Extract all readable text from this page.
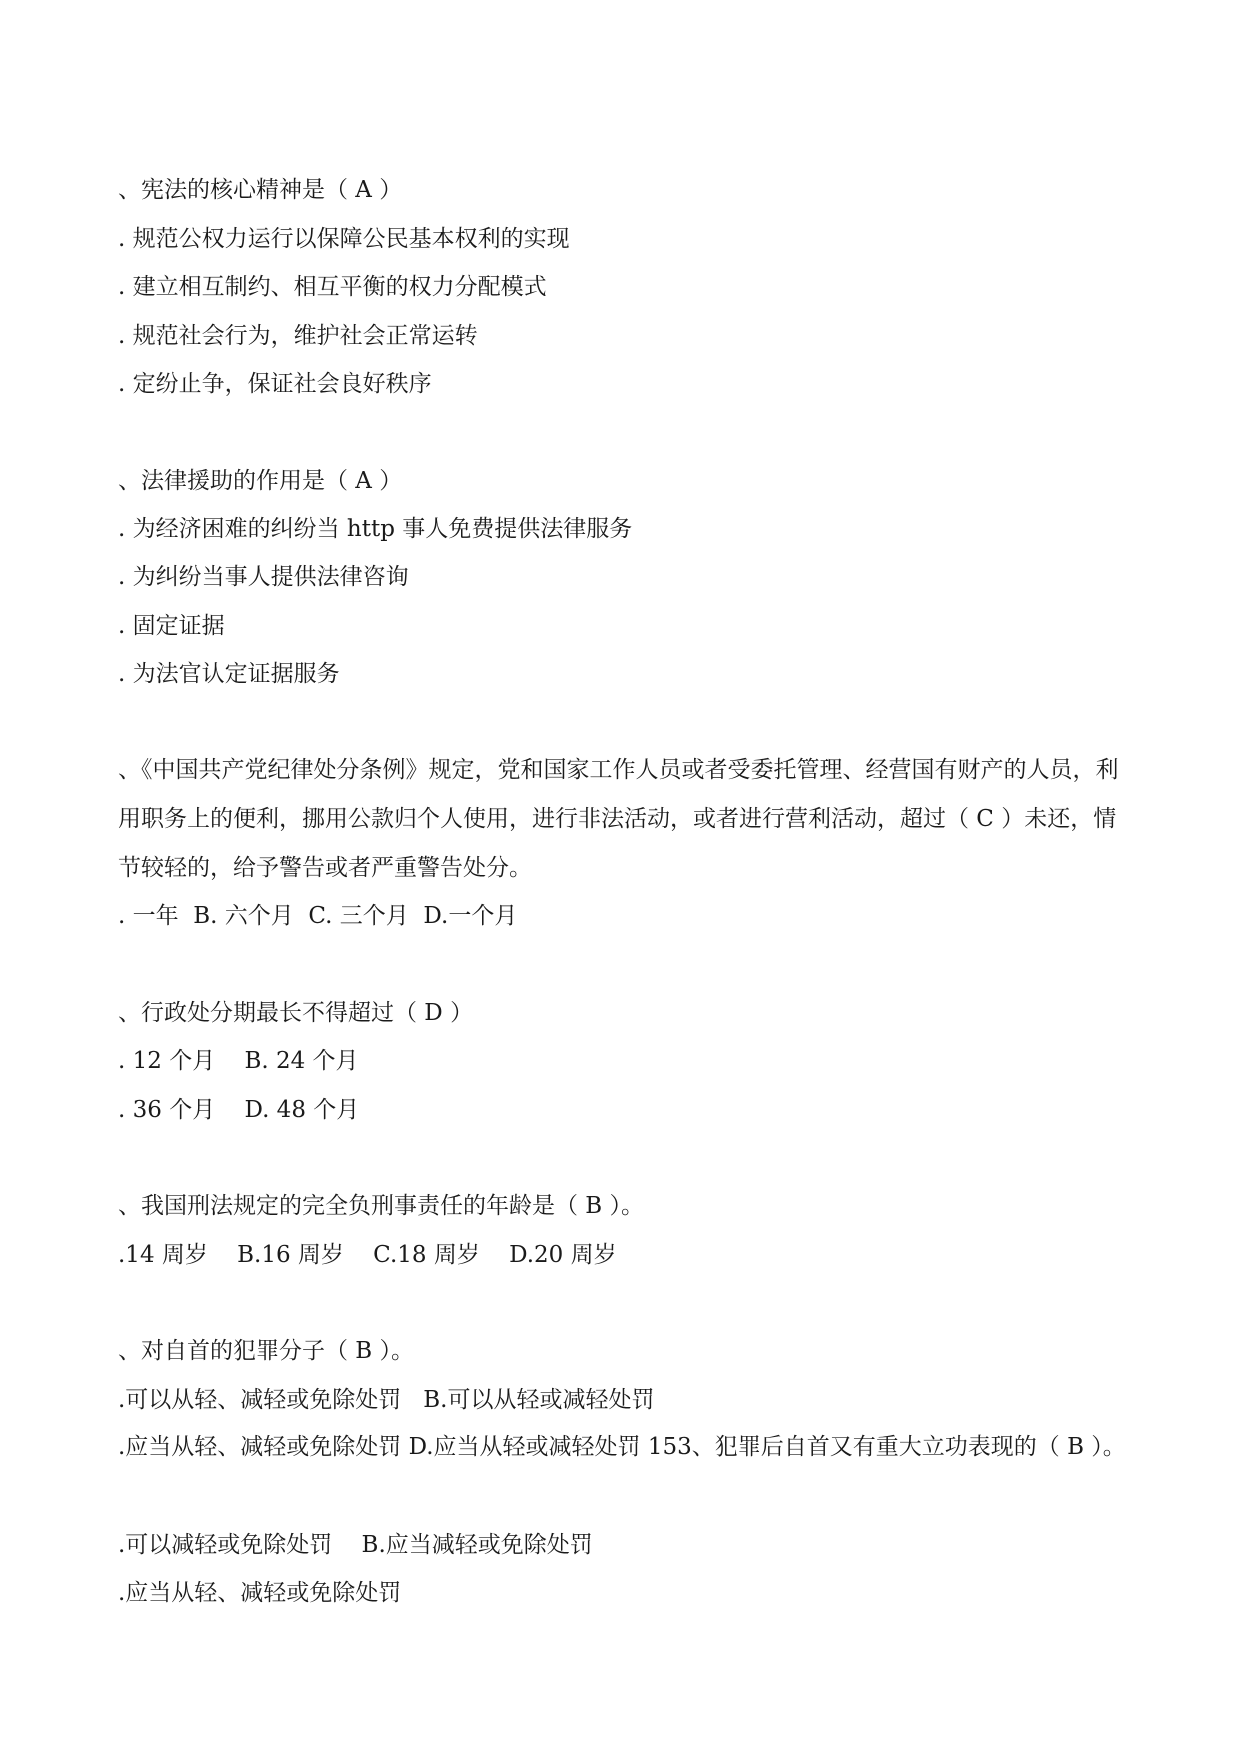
、宪法的核心精神是（ A ）
. 规范公权力运行以保障公民基本权利的实现
. 建立相互制约、相互平衡的权力分配模式
. 规范社会行为，维护社会正常运转
. 定纷止争，保证社会良好秩序
、法律援助的作用是（ A ）
. 为经济困难的纠纷当 http 事人免费提供法律服务
. 为纠纷当事人提供法律咨询
. 固定证据
. 为法官认定证据服务
、《中国共产党纪律处分条例》规定，党和国家工作人员或者受委托管理、经营国有财产的人员，利用职务上的便利，挪用公款归个人使用，进行非法活动，或者进行营利活动，超过（ C ）未还，情节较轻的，给予警告或者严重警告处分。
. 一年  B. 六个月  C. 三个月  D.一个月
、行政处分期最长不得超过（ D ）
. 12 个月    B. 24 个月
. 36 个月    D. 48 个月
、我国刑法规定的完全负刑事责任的年龄是（ B ）。
.14 周岁    B.16 周岁    C.18 周岁    D.20 周岁
、对自首的犯罪分子（ B ）。
.可以从轻、减轻或免除处罚   B.可以从轻或减轻处罚
.应当从轻、减轻或免除处罚 D.应当从轻或减轻处罚 153、犯罪后自首又有重大立功表现的（ B ）。
.可以减轻或免除处罚    B.应当减轻或免除处罚
.应当从轻、减轻或免除处罚
